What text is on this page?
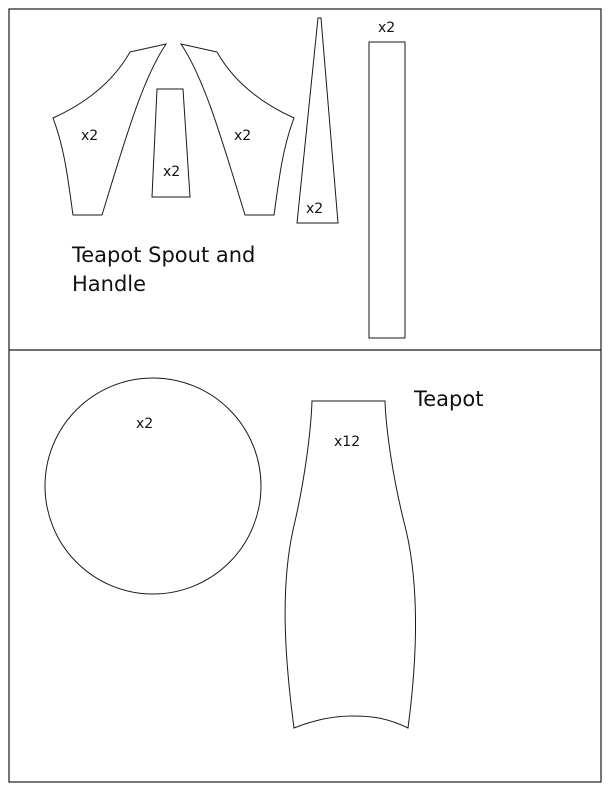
x2
x2
x2
x2
x2
Teapot Spout and Handle
x2
x12
Teapot
